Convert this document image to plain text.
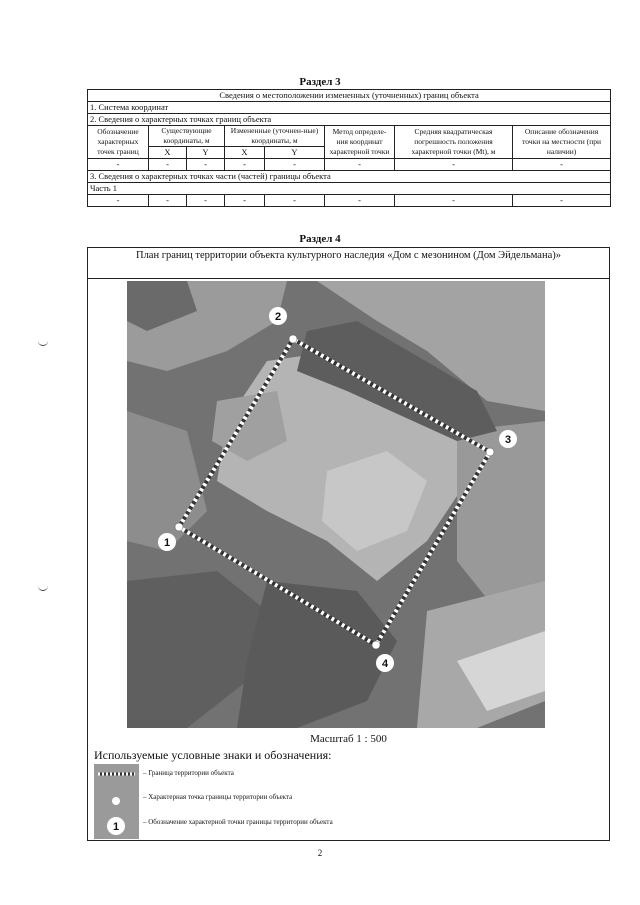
Раздел 3
Сведения о местоположении измененных (уточненных) границ объекта							
1. Система координат							
2. Сведения о характерных точках границ объекта							
Обозначение характерных точек границ	Существующие координаты, м		Измененные (уточнен-ные) координаты, м		Метод определе-ния координат характерной точки	Средняя квадратическая погрешность положения характерной точки (Mt), м	Описание обозначения точки на местности (при наличии)
	X	Y	X	Y			
-	-	-	-	-	-	-	-
3. Сведения о характерных точках части (частей) границы объекта							
Часть 1							
-	-	-	-	-	-	-	-
Раздел 4
План границ территории объекта культурного наследия «Дом с мезонином (Дом Эйдельмана)»
1
2
3
4
Масштаб 1 : 500
Используемые условные знаки и обозначения:
– Граница территории объекта
– Характерная точка границы территории объекта
1	– Обозначение характерной точки границы территории объекта
2
